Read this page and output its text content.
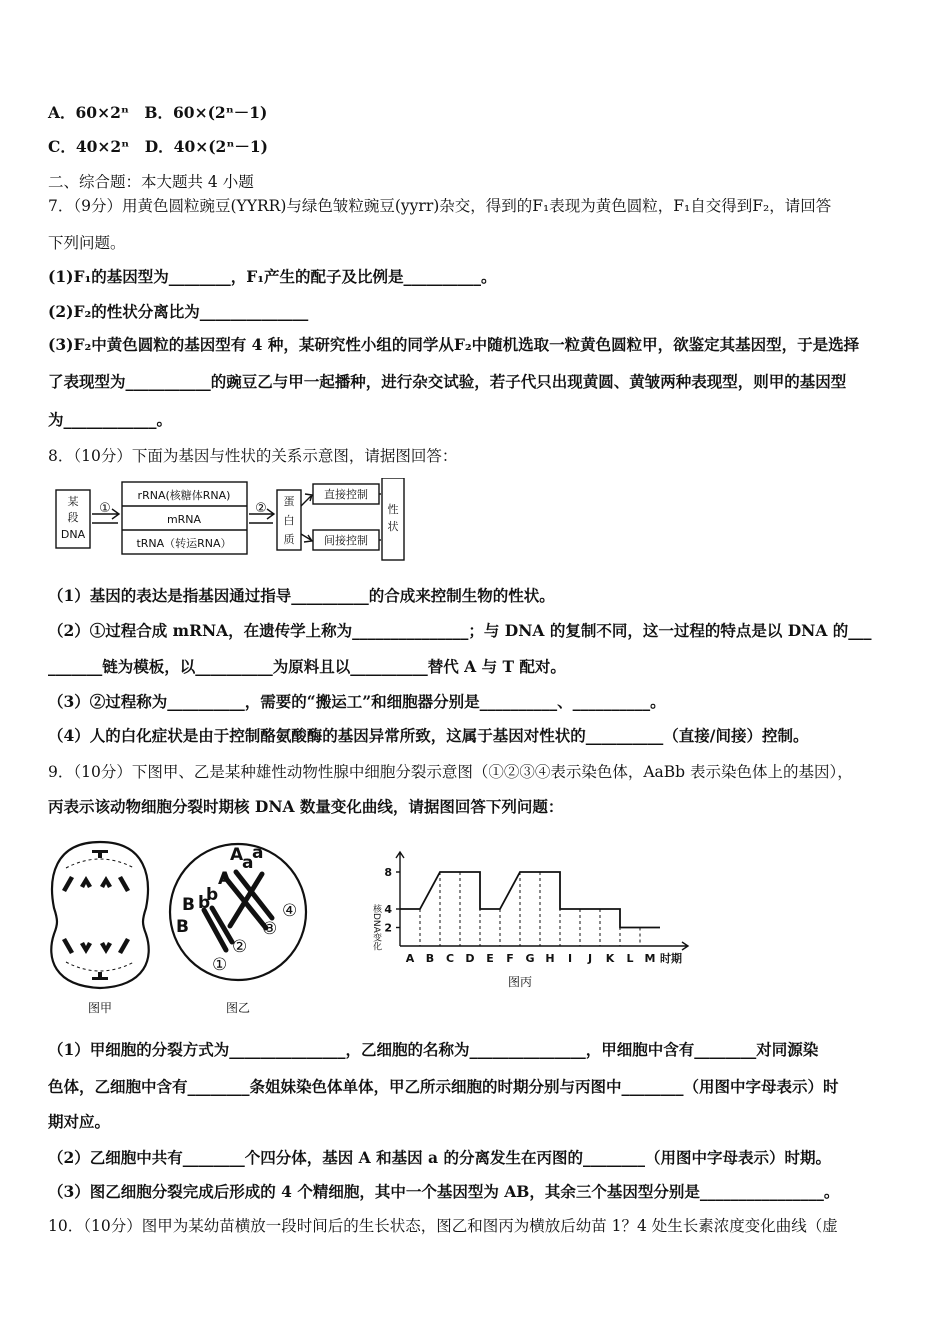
A．60×2ⁿ　B．60×(2ⁿ－1)
C．40×2ⁿ　D．40×(2ⁿ－1)
二、综合题：本大题共 4 小题
7．（9分）用黄色圆粒豌豆(YYRR)与绿色皱粒豌豆(yyrr)杂交，得到的F₁表现为黄色圆粒，F₁自交得到F₂，请回答
下列问题。
(1)F₁的基因型为________，F₁产生的配子及比例是__________。
(2)F₂的性状分离比为______________
(3)F₂中黄色圆粒的基因型有 4 种，某研究性小组的同学从F₂中随机选取一粒黄色圆粒甲，欲鉴定其基因型，于是选择
了表现型为___________的豌豆乙与甲一起播种，进行杂交试验，若子代只出现黄圆、黄皱两种表现型，则甲的基因型
为____________。
8．（10分）下面为基因与性状的关系示意图，请据图回答：
某
段
DNA
①
rRNA(核糖体RNA)
mRNA
tRNA（转运RNA）
② 蛋
白
质
直接控制
间接控制
性
状
（1）基因的表达是指基因通过指导__________的合成来控制生物的性状。
（2）①过程合成 mRNA，在遗传学上称为_______________；与 DNA 的复制不同，这一过程的特点是以 DNA 的___
_______链为模板，以__________为原料且以__________替代 A 与 T 配对。
（3）②过程称为__________，需要的“搬运工”和细胞器分别是__________、__________。
（4）人的白化症状是由于控制酪氨酸酶的基因异常所致，这属于基因对性状的__________（直接/间接）控制。
9．（10分）下图甲、乙是某种雄性动物性腺中细胞分裂示意图（①②③④表示染色体，AaBb 表示染色体上的基因），
丙表示该动物细胞分裂时期核 DNA 数量变化曲线，请据图回答下列问题：
图甲
A a
A
a
B b
B
b
①
②
③
④
图乙
2
4
8
A B C D E F G H I J K L M
核DNA变化
时期
图丙
（1）甲细胞的分裂方式为_______________，乙细胞的名称为_______________，甲细胞中含有________对同源染
色体，乙细胞中含有________条姐妹染色体单体，甲乙所示细胞的时期分别与丙图中________（用图中字母表示）时
期对应。
（2）乙细胞中共有________个四分体，基因 A 和基因 a 的分离发生在丙图的________（用图中字母表示）时期。
（3）图乙细胞分裂完成后形成的 4 个精细胞，其中一个基因型为 AB，其余三个基因型分别是________________。
10．（10分）图甲为某幼苗横放一段时间后的生长状态，图乙和图丙为横放后幼苗 1？4 处生长素浓度变化曲线（虚
